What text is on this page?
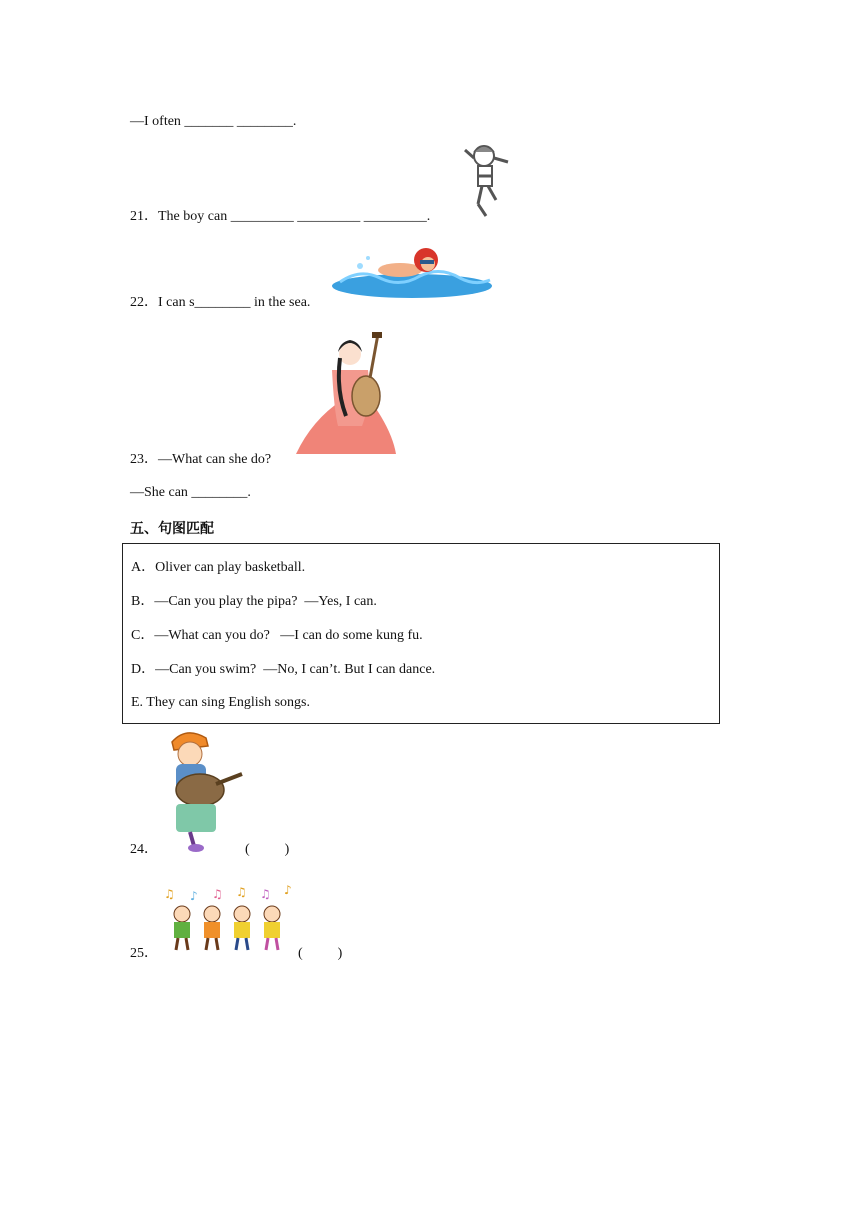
—I often _______ ________.
21．The boy can _________ _________ _________.
22．I can s________ in the sea.
23．—What can she do?
—She can ________.
五、句图匹配
A．Oliver can play basketball.
B．—Can you play the pipa?  —Yes, I can.
C．—What can you do?   —I can do some kung fu.
D．—Can you swim?  —No, I can’t. But I can dance.
E. They can sing English songs.
24．	(          )
♫ ♪ ♫ ♫ ♫ ♪
25．	(          )
